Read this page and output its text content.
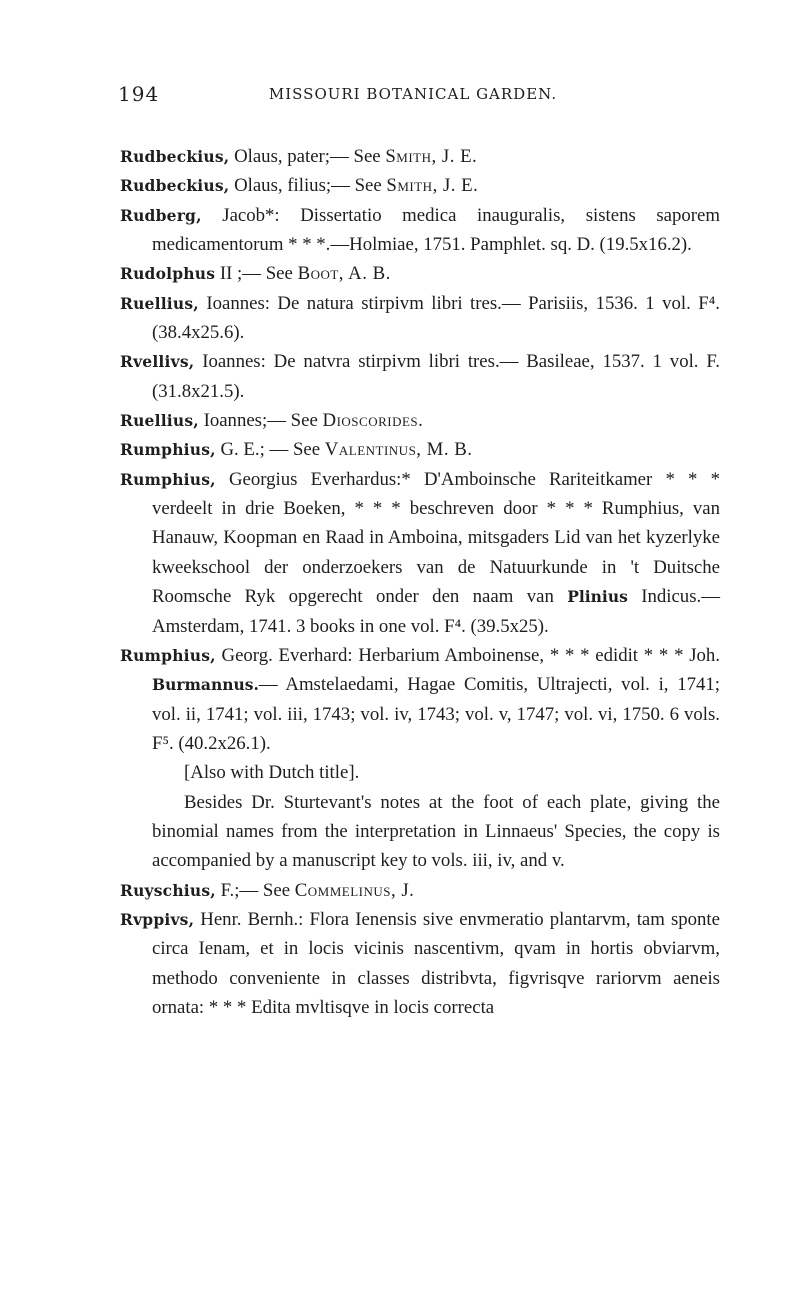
194	MISSOURI BOTANICAL GARDEN.
Rudbeckius, Olaus, pater;— See Smith, J. E.
Rudbeckius, Olaus, filius;— See Smith, J. E.
Rudberg, Jacob*: Dissertatio medica inauguralis, sistens saporem medicamentorum * * *.—Holmiae, 1751. Pamphlet. sq. D. (19.5x16.2).
Rudolphus II ;— See Boot, A. B.
Ruellius, Ioannes: De natura stirpivm libri tres.— Parisiis, 1536. 1 vol. F⁴. (38.4x25.6).
Rvellivs, Ioannes: De natvra stirpivm libri tres.— Basileae, 1537. 1 vol. F. (31.8x21.5).
Ruellius, Ioannes;— See Dioscorides.
Rumphius, G. E.; — See Valentinus, M. B.
Rumphius, Georgius Everhardus:* D'Amboinsche Rariteitkamer * * * verdeelt in drie Boeken, * * * beschreven door * * * Rumphius, van Hanauw, Koopman en Raad in Amboina, mitsgaders Lid van het kyzerlyke kweekschool der onderzoekers van de Natuurkunde in 't Duitsche Roomsche Ryk opgerecht onder den naam van Plinius Indicus.— Amsterdam, 1741. 3 books in one vol. F⁴. (39.5x25).
Rumphius, Georg. Everhard: Herbarium Amboinense, * * * edidit * * * Joh. Burmannus.— Amstelaedami, Hagae Comitis, Ultrajecti, vol. i, 1741; vol. ii, 1741; vol. iii, 1743; vol. iv, 1743; vol. v, 1747; vol. vi, 1750. 6 vols. F⁵. (40.2x26.1).
[Also with Dutch title].
Besides Dr. Sturtevant's notes at the foot of each plate, giving the binomial names from the interpretation in Linnaeus' Species, the copy is accompanied by a manuscript key to vols. iii, iv, and v.
Ruyschius, F.;— See Commelinus, J.
Rvppivs, Henr. Bernh.: Flora Ienensis sive envmeratio plantarvm, tam sponte circa Ienam, et in locis vicinis nascentivm, qvam in hortis obviarvm, methodo conveniente in classes distribvta, figvrisqve rariorvm aeneis ornata: * * * Edita mvltisqve in locis correcta
